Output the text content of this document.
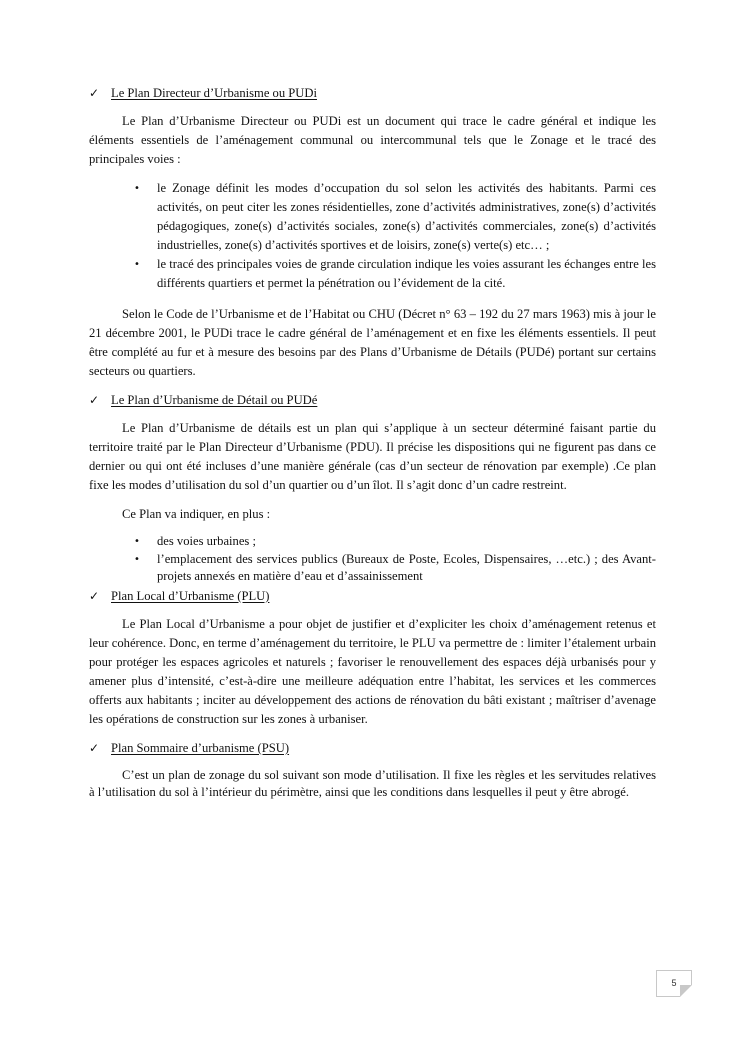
✓ Le Plan Directeur d’Urbanisme ou PUDi

Le Plan d’Urbanisme Directeur ou PUDi est un document qui trace le cadre général et indique les éléments essentiels de l’aménagement communal ou intercommunal tels que le Zonage et le tracé des principales voies :

• le Zonage définit les modes d’occupation du sol selon les activités des habitants. Parmi ces activités, on peut citer les zones résidentielles, zone d’activités administratives, zone(s) d’activités pédagogiques, zone(s) d’activités sociales, zone(s) d’activités commerciales, zone(s) d’activités industrielles, zone(s) d’activités sportives et de loisirs, zone(s) verte(s) etc… ;
• le tracé des principales voies de grande circulation indique les voies assurant les échanges entre les différents quartiers et permet la pénétration ou l’évidement de la cité.

Selon le Code de l’Urbanisme et de l’Habitat ou CHU (Décret n° 63 – 192 du 27 mars 1963) mis à jour le 21 décembre 2001, le PUDi trace le cadre général de l’aménagement et en fixe les éléments essentiels. Il peut être complété au fur et à mesure des besoins par des Plans d’Urbanisme de Détails (PUDé) portant sur certains secteurs ou quartiers.

✓ Le Plan d’Urbanisme de Détail ou PUDé

Le Plan d’Urbanisme de détails est un plan qui s’applique à un secteur déterminé faisant partie du territoire traité par le Plan Directeur d’Urbanisme (PDU). Il précise les dispositions qui ne figurent pas dans ce dernier ou qui ont été incluses d’une manière générale (cas d’un secteur de rénovation par exemple) .Ce plan fixe les modes d’utilisation du sol d’un quartier ou d’un îlot. Il s’agit donc d’un cadre restreint.

Ce Plan va indiquer, en plus :

• des voies urbaines ;
• l’emplacement des services publics (Bureaux de Poste, Ecoles, Dispensaires, …etc.) ; des Avant-projets annexés en matière d’eau et d’assainissement
✓ Plan Local d’Urbanisme (PLU)

Le Plan Local d’Urbanisme a pour objet de justifier et d’expliciter les choix d’aménagement retenus et leur cohérence. Donc, en terme d’aménagement du territoire, le PLU va permettre de : limiter l’étalement urbain pour protéger les espaces agricoles et naturels ; favoriser le renouvellement des espaces déjà urbanisés pour y amener plus d’intensité, c’est-à-dire une meilleure adéquation entre l’habitat, les services et les commerces offerts aux habitants ; inciter au développement des actions de rénovation du bâti existant ; maîtriser d’avenage les opérations de construction sur les zones à urbaniser.

✓ Plan Sommaire d’urbanisme (PSU)

C’est un plan de zonage du sol suivant son mode d’utilisation. Il fixe les règles et les servitudes relatives à l’utilisation du sol à l’intérieur du périmètre, ainsi que les conditions dans lesquelles il peut y être abrogé.

5
